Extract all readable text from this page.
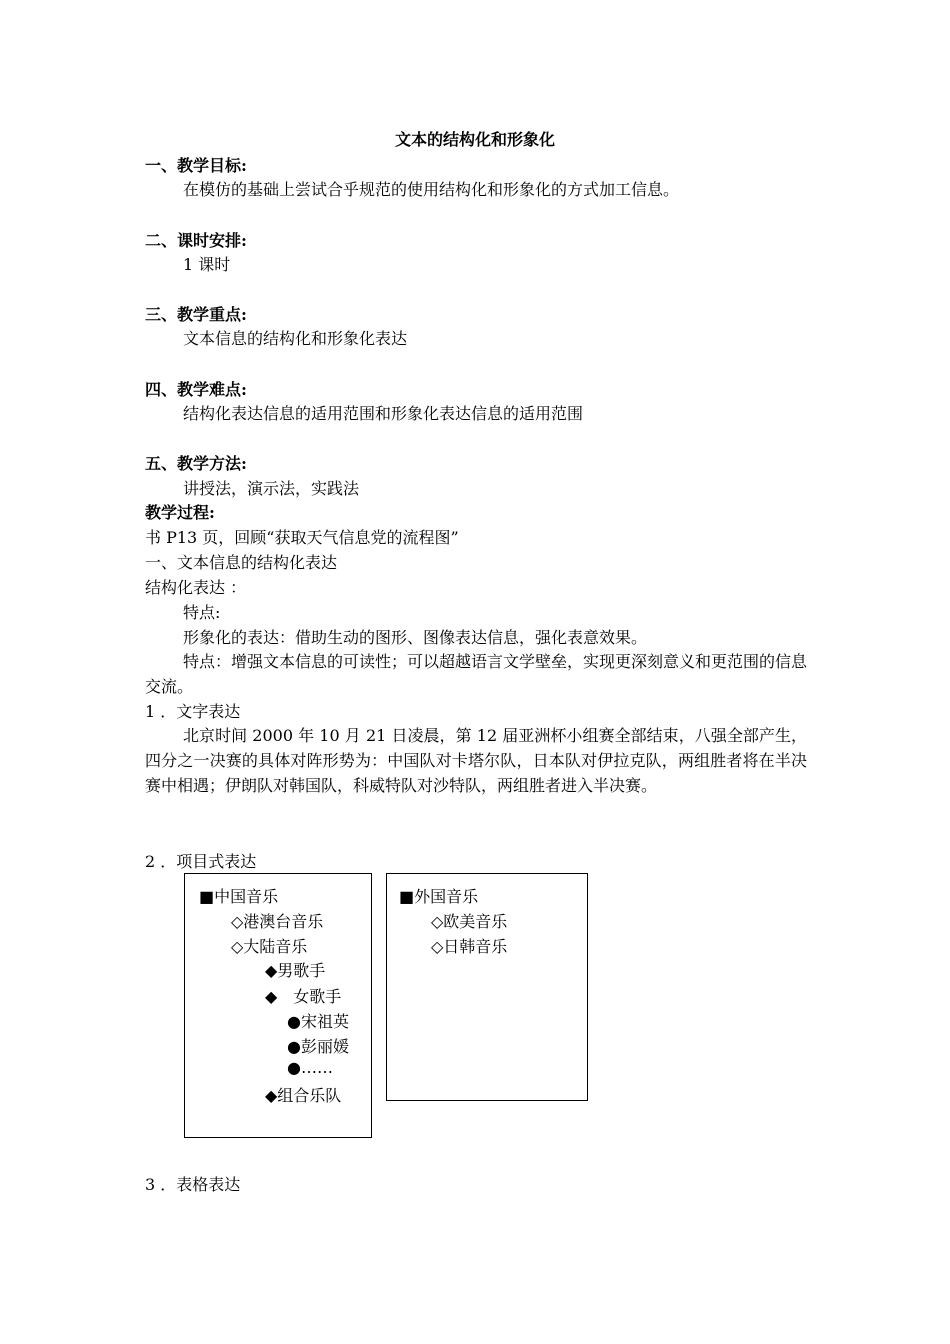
文本的结构化和形象化
一、教学目标:
在模仿的基础上尝试合乎规范的使用结构化和形象化的方式加工信息。
二、课时安排:
1 课时
三、教学重点:
文本信息的结构化和形象化表达
四、教学难点:
结构化表达信息的适用范围和形象化表达信息的适用范围
五、教学方法:
讲授法，演示法，实践法
教学过程:
书 P13 页，回顾“获取天气信息党的流程图”
一、文本信息的结构化表达
结构化表达 ：
特点:
形象化的表达：借助生动的图形、图像表达信息，强化表意效果。
特点：增强文本信息的可读性；可以超越语言文学壁垒，实现更深刻意义和更范围的信息交流。
1 ．文字表达
北京时间 2000 年 10 月 21 日凌晨，第 12 届亚洲杯小组赛全部结束，八强全部产生，四分之一决赛的具体对阵形势为：中国队对卡塔尔队，日本队对伊拉克队，两组胜者将在半决赛中相遇；伊朗队对韩国队，科威特队对沙特队，两组胜者进入半决赛。
2 ．项目式表达
■中国音乐
◇港澳台音乐
◇大陆音乐
◆男歌手
◆　女歌手
●宋祖英
●彭丽媛
●……
◆组合乐队
■外国音乐
◇欧美音乐
◇日韩音乐
3 ．表格表达
